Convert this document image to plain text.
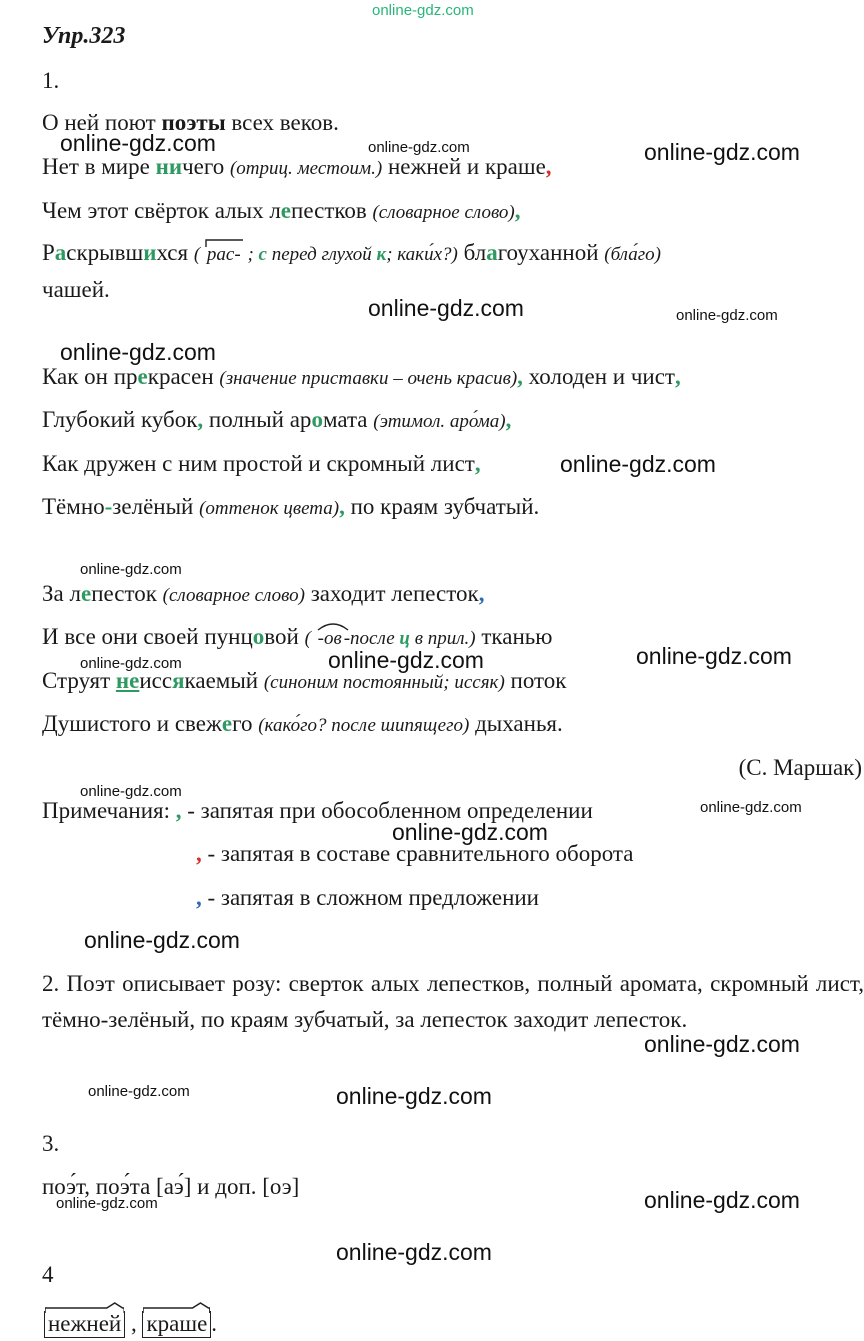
online-gdz.com
online-gdz.com	online-gdz.com	online-gdz.com
online-gdz.com	online-gdz.com
online-gdz.com
online-gdz.com
online-gdz.com
online-gdz.com	online-gdz.com
online-gdz.com
online-gdz.com
online-gdz.com
online-gdz.com
online-gdz.com
online-gdz.com
online-gdz.com	online-gdz.com
online-gdz.com
online-gdz.com
online-gdz.com
Упр.323
1.
О ней поют поэты всех веков.
Нет в мире ничего (отриц. местоим.) нежней и краше,
Чем этот свёрток алых лепестков (словарное слово),
Раскрывшихся (
рас- ; с перед глухой к; каки́х?) благоуханной (бла́го)
чашей.
Как он прекрасен (значение приставки – очень красив), холоден и чист,
Глубокий кубок, полный аромата (этимол. аро́ма),
Как дружен с ним простой и скромный лист,
Тёмно-зелёный (оттенок цвета), по краям зубчатый.
За лепесток (словарное слово) заходит лепесток,
И все они своей пунцовой (
-ов -после ц в прил.) тканью
Струят неиссякаемый (синоним постоянный; иссяк) поток
Душистого и свежего (како́го? после шипящего) дыханья.
(С. Маршак)
Примечания: , - запятая при обособленном определении
, - запятая в составе сравнительного оборота
, - запятая в сложном предложении
2. Поэт описывает розу: свeрток алых лепестков, полный аромата, скромный лист, тёмно-зелёный, по краям зубчатый, за лепесток заходит лепесток.
3.
поэ́т, поэ́та [аэ́] и доп. [оэ]
4
нежней ,
краше .
